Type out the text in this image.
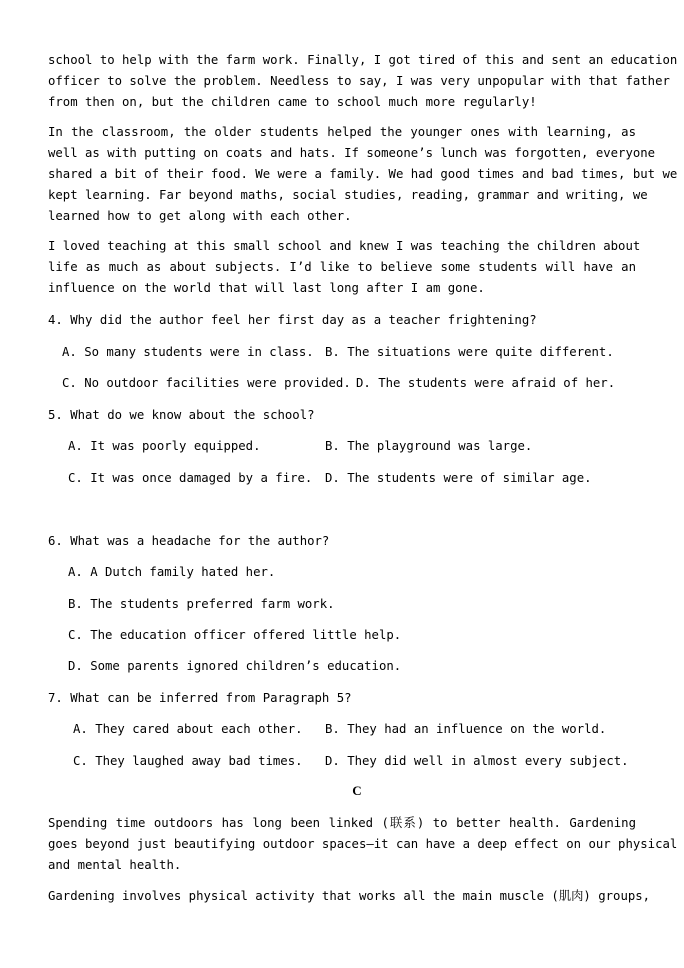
school to help with the farm work. Finally, I got tired of this and sent an education
officer to solve the problem. Needless to say, I was very unpopular with that father
from then on, but the children came to school much more regularly!
In the classroom, the older students helped the younger ones with learning, as
well as with putting on coats and hats. If someone’s lunch was forgotten, everyone
shared a bit of their food. We were a family. We had good times and bad times, but we
kept learning. Far beyond maths, social studies, reading, grammar and writing, we
learned how to get along with each other.
I loved teaching at this small school and knew I was teaching the children about
life as much as about subjects. I’d like to believe some students will have an
influence on the world that will last long after I am gone.
4. Why did the author feel her first day as a teacher frightening?
A. So many students were in class. B. The situations were quite different.
C. No outdoor facilities were provided. D. The students were afraid of her.
5. What do we know about the school?
A. It was poorly equipped.	B. The playground was large.
C. It was once damaged by a fire. D. The students were of similar age.
6. What was a headache for the author?
A. A Dutch family hated her.
B. The students preferred farm work.
C. The education officer offered little help.
D. Some parents ignored children’s education.
7. What can be inferred from Paragraph 5?
A. They cared about each other. B. They had an influence on the world.
C. They laughed away bad times. D. They did well in almost every subject.
C
Spending time outdoors has long been linked (联系) to better health. Gardening
goes beyond just beautifying outdoor spaces—it can have a deep effect on our physical
and mental health.
Gardening involves physical activity that works all the main muscle (肌肉) groups,
